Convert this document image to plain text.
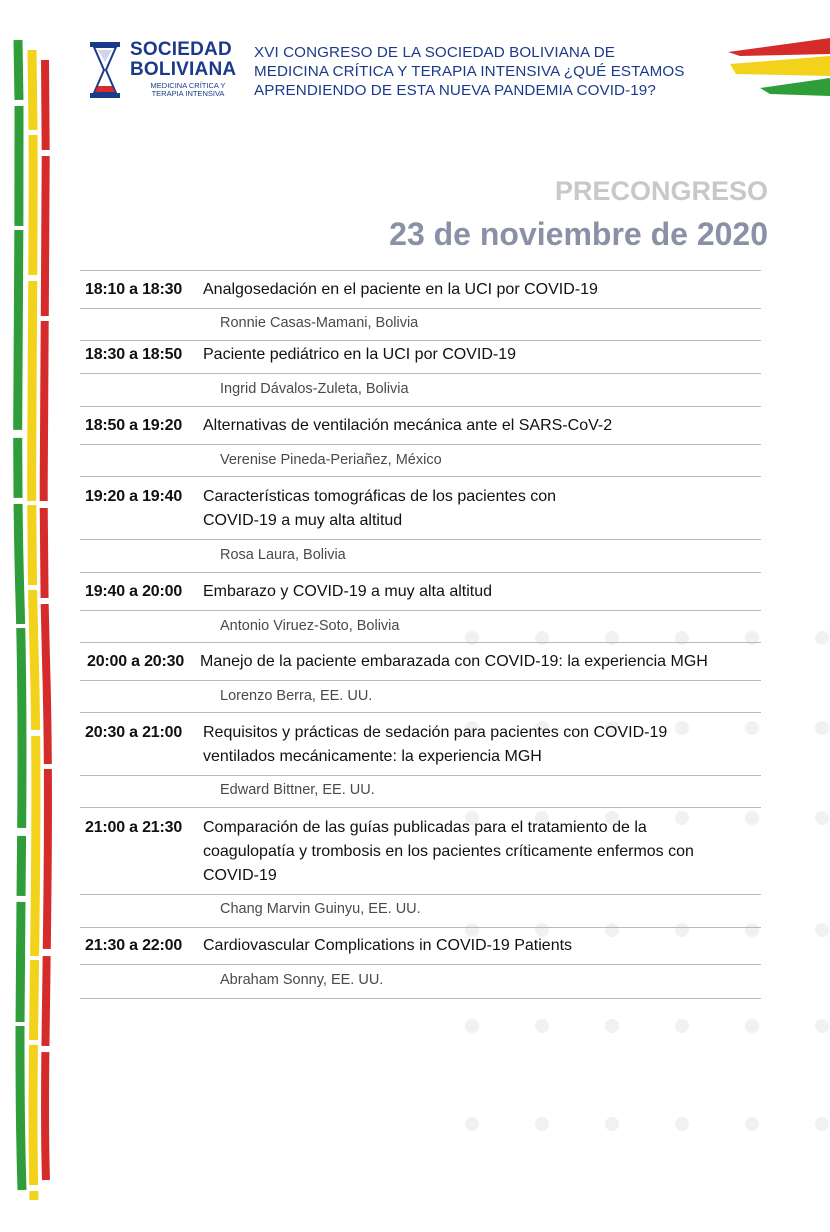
SOCIEDAD
BOLIVIANA
MEDICINA CRÍTICA Y
TERAPIA INTENSIVA
XVI CONGRESO DE LA SOCIEDAD BOLIVIANA DE
MEDICINA CRÍTICA Y TERAPIA INTENSIVA ¿QUÉ ESTAMOS
APRENDIENDO DE ESTA NUEVA PANDEMIA COVID-19?
PRECONGRESO
23 de noviembre de 2020
18:10 a 18:30 Analgosedación en el paciente en la UCI por COVID-19
Ronnie Casas-Mamani, Bolivia
18:30 a 18:50 Paciente pediátrico en la UCI por COVID-19
Ingrid Dávalos-Zuleta, Bolivia
18:50 a 19:20 Alternativas de ventilación mecánica ante el SARS-CoV-2
Verenise Pineda-Periañez, México
19:20 a 19:40 Características tomográficas de los pacientes con
COVID-19 a muy alta altitud
Rosa Laura, Bolivia
19:40 a 20:00 Embarazo y COVID-19 a muy alta altitud
Antonio Viruez-Soto, Bolivia
20:00 a 20:30 Manejo de la paciente embarazada con COVID-19: la experiencia MGH
Lorenzo Berra, EE. UU.
20:30 a 21:00 Requisitos y prácticas de sedación para pacientes con COVID-19
ventilados mecánicamente: la experiencia MGH
Edward Bittner, EE. UU.
21:00 a 21:30 Comparación de las guías publicadas para el tratamiento de la
coagulopatía y trombosis en los pacientes críticamente enfermos con
COVID-19
Chang Marvin Guinyu, EE. UU.
21:30 a 22:00 Cardiovascular Complications in COVID-19 Patients
Abraham Sonny, EE. UU.
